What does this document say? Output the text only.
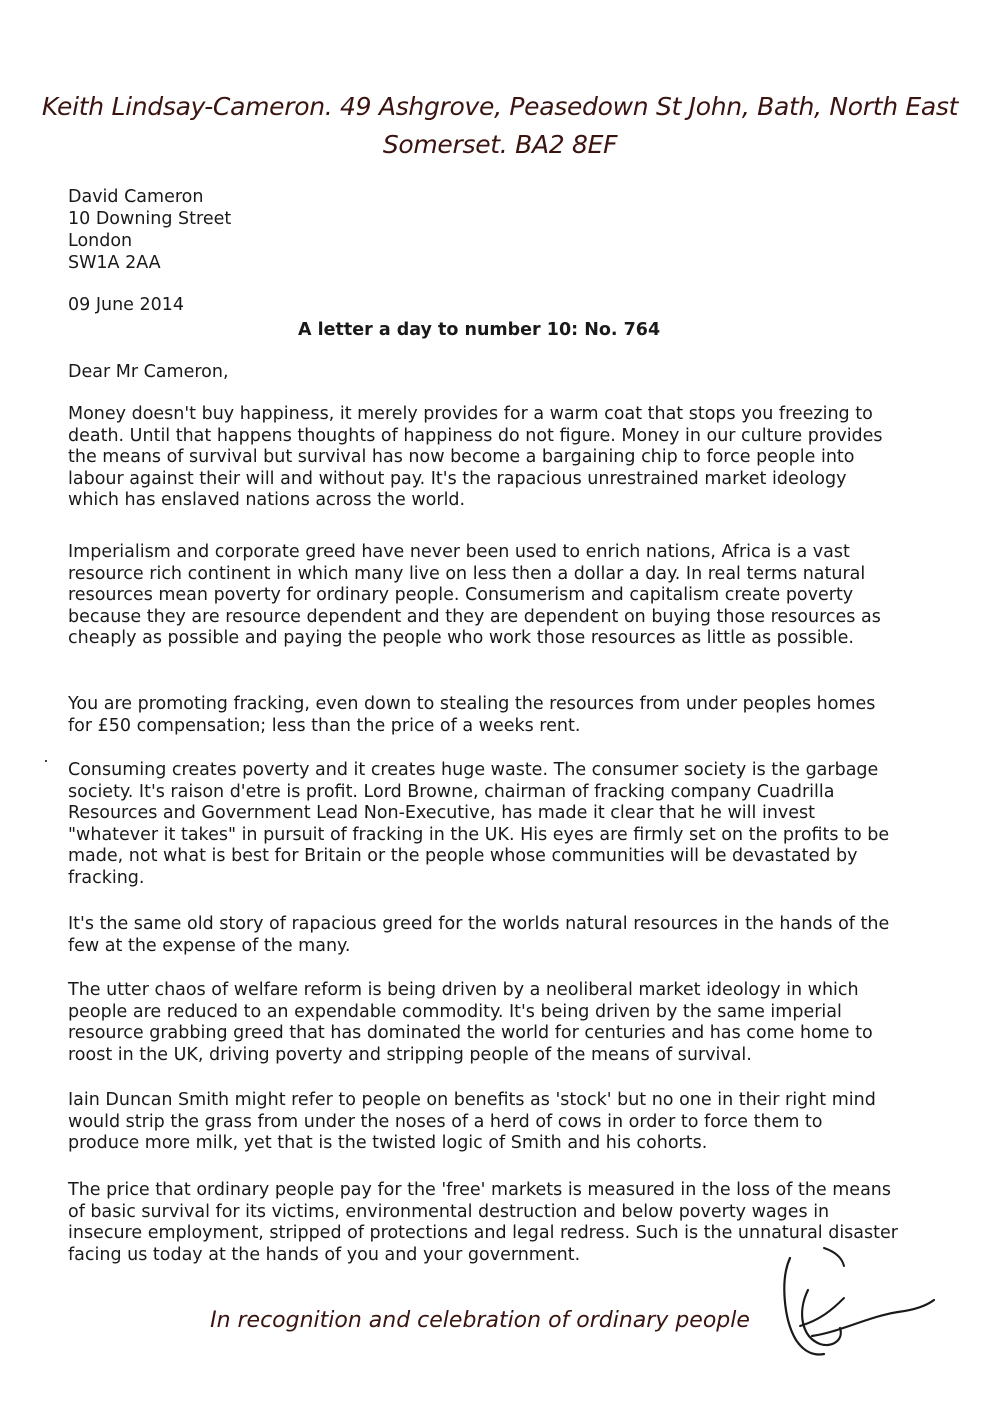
Keith Lindsay-Cameron. 49 Ashgrove, Peasedown St John, Bath, North East Somerset. BA2 8EF
David Cameron
10 Downing Street
London
SW1A 2AA
09 June 2014
A letter a day to number 10: No. 764
Dear Mr Cameron,

Money doesn't buy happiness, it merely provides for a warm coat that stops you freezing to death. Until that happens thoughts of happiness do not figure. Money in our culture provides the means of survival but survival has now become a bargaining chip to force people into labour against their will and without pay. It's the rapacious unrestrained market ideology which has enslaved nations across the world.

Imperialism and corporate greed have never been used to enrich nations, Africa is a vast resource rich continent in which many live on less then a dollar a day. In real terms natural resources mean poverty for ordinary people. Consumerism and capitalism create poverty because they are resource dependent and they are dependent on buying those resources as cheaply as possible and paying the people who work those resources as little as possible.

You are promoting fracking, even down to stealing the resources from under peoples homes for £50 compensation; less than the price of a weeks rent.

Consuming creates poverty and it creates huge waste. The consumer society is the garbage society. It's raison d'etre is profit. Lord Browne, chairman of fracking company Cuadrilla Resources and Government Lead Non-Executive, has made it clear that he will invest "whatever it takes" in pursuit of fracking in the UK. His eyes are firmly set on the profits to be made, not what is best for Britain or the people whose communities will be devastated by fracking.

It's the same old story of rapacious greed for the worlds natural resources in the hands of the few at the expense of the many.

The utter chaos of welfare reform is being driven by a neoliberal market ideology in which people are reduced to an expendable commodity. It's being driven by the same imperial resource grabbing greed that has dominated the world for centuries and has come home to roost in the UK, driving poverty and stripping people of the means of survival.

Iain Duncan Smith might refer to people on benefits as 'stock' but no one in their right mind would strip the grass from under the noses of a herd of cows in order to force them to produce more milk, yet that is the twisted logic of Smith and his cohorts.

The price that ordinary people pay for the 'free' markets is measured in the loss of the means of basic survival for its victims, environmental destruction and below poverty wages in insecure employment, stripped of protections and legal redress. Such is the unnatural disaster facing us today at the hands of you and your government.

In recognition and celebration of ordinary people
